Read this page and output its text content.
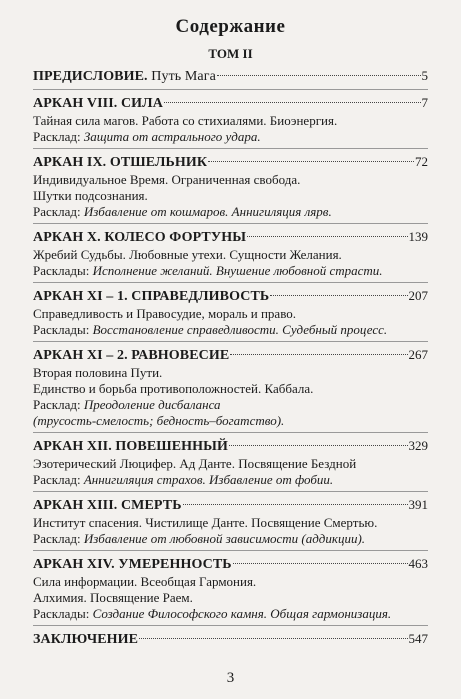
Содержание
ТОМ II
ПРЕДИСЛОВИЕ. Путь Мага	5
АРКАН VIII. СИЛА	7
Тайная сила магов. Работа со стихиалями. Биоэнергия.
Расклад: Защита от астрального удара.
АРКАН IX. ОТШЕЛЬНИК	72
Индивидуальное Время. Ограниченная свобода.
Шутки подсознания.
Расклад: Избавление от кошмаров. Аннигиляция лярв.
АРКАН X. КОЛЕСО ФОРТУНЫ	139
Жребий Судьбы. Любовные утехи. Сущности Желания.
Расклады: Исполнение желаний. Внушение любовной страсти.
АРКАН XI – 1. СПРАВЕДЛИВОСТЬ	207
Справедливость и Правосудие, мораль и право.
Расклады: Восстановление справедливости. Судебный процесс.
АРКАН XI – 2. РАВНОВЕСИЕ	267
Вторая половина Пути.
Единство и борьба противоположностей. Каббала.
Расклад: Преодоление дисбаланса
(трусость-смелость; бедность–богатство).
АРКАН XII. ПОВЕШЕННЫЙ	329
Эзотерический Люцифер. Ад Данте. Посвящение Бездной
Расклад: Аннигиляция страхов. Избавление от фобии.
АРКАН XIII. СМЕРТЬ	391
Институт спасения. Чистилище Данте. Посвящение Смертью.
Расклад: Избавление от любовной зависимости (аддикции).
АРКАН XIV. УМЕРЕННОСТЬ	463
Сила информации. Всеобщая Гармония.
Алхимия. Посвящение Раем.
Расклады: Создание Философского камня. Общая гармонизация.
ЗАКЛЮЧЕНИЕ	547
3
